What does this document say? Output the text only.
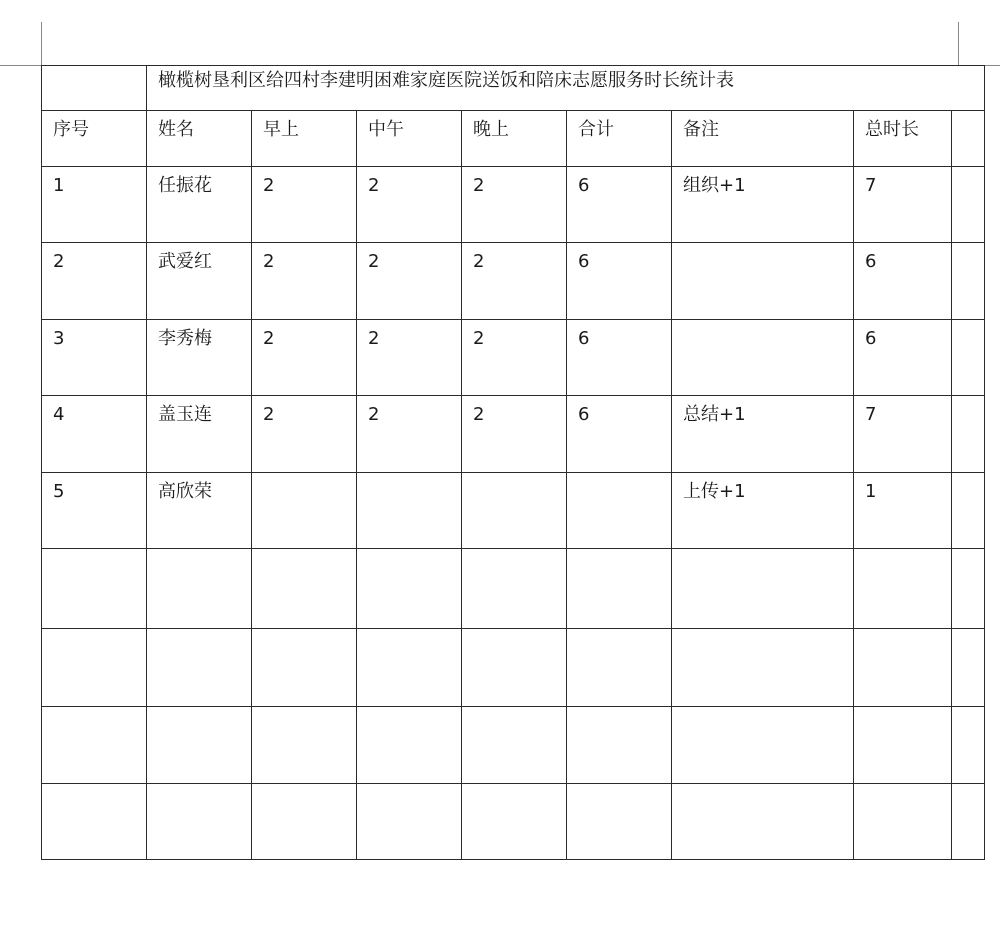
	橄榄树垦利区给四村李建明困难家庭医院送饭和陪床志愿服务时长统计表							
序号	姓名	早上	中午	晚上	合计	备注	总时长	
1	任振花	2	2	2	6	组织+1	7	
2	武爱红	2	2	2	6		6	
3	李秀梅	2	2	2	6		6	
4	盖玉连	2	2	2	6	总结+1	7	
5	高欣荣					上传+1	1	
